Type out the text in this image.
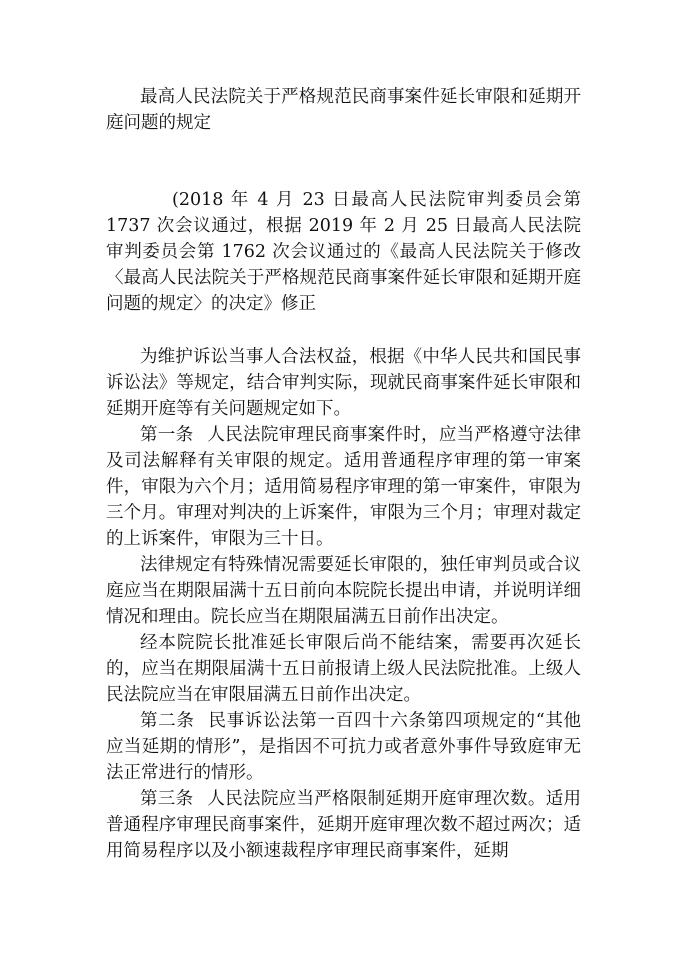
最高人民法院关于严格规范民商事案件延长审限和延期开庭问题的规定

(2018 年 4 月 23 日最高人民法院审判委员会第 1737 次会议通过，根据 2019 年 2 月 25 日最高人民法院审判委员会第 1762 次会议通过的《最高人民法院关于修改〈最高人民法院关于严格规范民商事案件延长审限和延期开庭问题的规定〉的决定》修正

为维护诉讼当事人合法权益，根据《中华人民共和国民事诉讼法》等规定，结合审判实际，现就民商事案件延长审限和延期开庭等有关问题规定如下。

第一条 人民法院审理民商事案件时，应当严格遵守法律及司法解释有关审限的规定。适用普通程序审理的第一审案件，审限为六个月；适用简易程序审理的第一审案件，审限为三个月。审理对判决的上诉案件，审限为三个月；审理对裁定的上诉案件，审限为三十日。

法律规定有特殊情况需要延长审限的，独任审判员或合议庭应当在期限届满十五日前向本院院长提出申请，并说明详细情况和理由。院长应当在期限届满五日前作出决定。

经本院院长批准延长审限后尚不能结案，需要再次延长的，应当在期限届满十五日前报请上级人民法院批准。上级人民法院应当在审限届满五日前作出决定。

第二条 民事诉讼法第一百四十六条第四项规定的“其他应当延期的情形”，是指因不可抗力或者意外事件导致庭审无法正常进行的情形。

第三条 人民法院应当严格限制延期开庭审理次数。适用普通程序审理民商事案件，延期开庭审理次数不超过两次；适用简易程序以及小额速裁程序审理民商事案件，延期
